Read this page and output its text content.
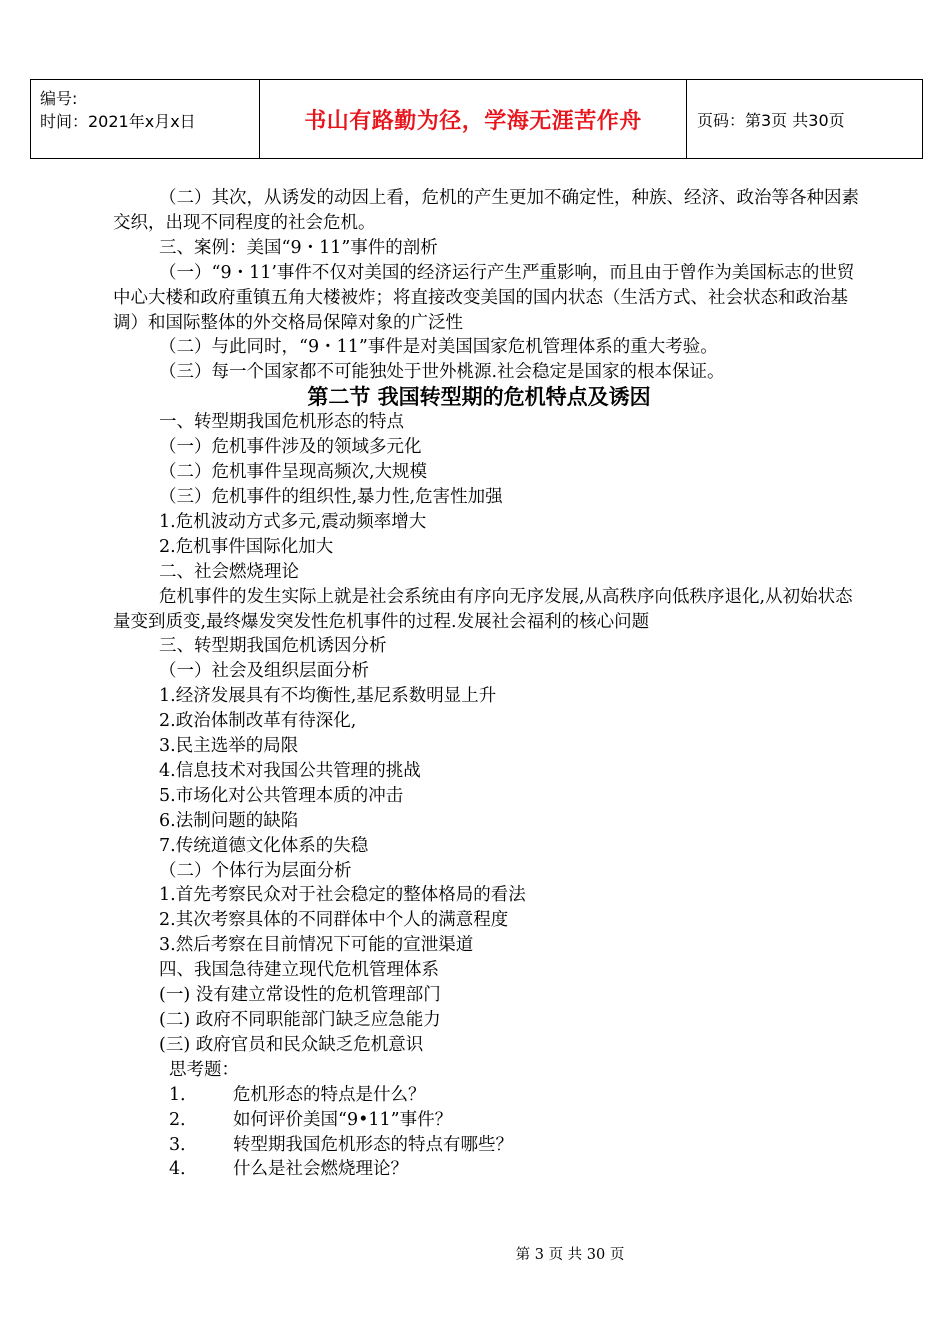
编号:
时间：2021年x月x日	书山有路勤为径，学海无涯苦作舟	页码：第3页 共30页

（二）其次，从诱发的动因上看，危机的产生更加不确定性，种族、经济、政治等各种因素交织，出现不同程度的社会危机。

三、案例：美国“9・11”事件的剖析

（一）“9・11’事件不仅对美国的经济运行产生严重影响，而且由于曾作为美国标志的世贸中心大楼和政府重镇五角大楼被炸；将直接改变美国的国内状态（生活方式、社会状态和政治基调）和国际整体的外交格局保障对象的广泛性

（二）与此同时，“9・11”事件是对美国国家危机管理体系的重大考验。

（三）每一个国家都不可能独处于世外桃源.社会稳定是国家的根本保证。

第二节 我国转型期的危机特点及诱因

一、转型期我国危机形态的特点

（一）危机事件涉及的领域多元化

（二）危机事件呈现高频次,大规模

（三）危机事件的组织性,暴力性,危害性加强

1.危机波动方式多元,震动频率增大

2.危机事件国际化加大

二、社会燃烧理论

危机事件的发生实际上就是社会系统由有序向无序发展,从高秩序向低秩序退化,从初始状态量变到质变,最终爆发突发性危机事件的过程.发展社会福利的核心问题

三、转型期我国危机诱因分析

（一）社会及组织层面分析

1.经济发展具有不均衡性,基尼系数明显上升

2.政治体制改革有待深化,

3.民主选举的局限

4.信息技术对我国公共管理的挑战

5.市场化对公共管理本质的冲击

6.法制问题的缺陷

7.传统道德文化体系的失稳

（二）个体行为层面分析

1.首先考察民众对于社会稳定的整体格局的看法

2.其次考察具体的不同群体中个人的满意程度

3.然后考察在目前情况下可能的宣泄渠道

四、我国急待建立现代危机管理体系

(一) 没有建立常设性的危机管理部门

(二) 政府不同职能部门缺乏应急能力

(三) 政府官员和民众缺乏危机意识

思考题：

1．	危机形态的特点是什么？
2．	如何评价美国“9•11”事件？
3．	转型期我国危机形态的特点有哪些？
4．	什么是社会燃烧理论？
第 3 页 共 30 页
